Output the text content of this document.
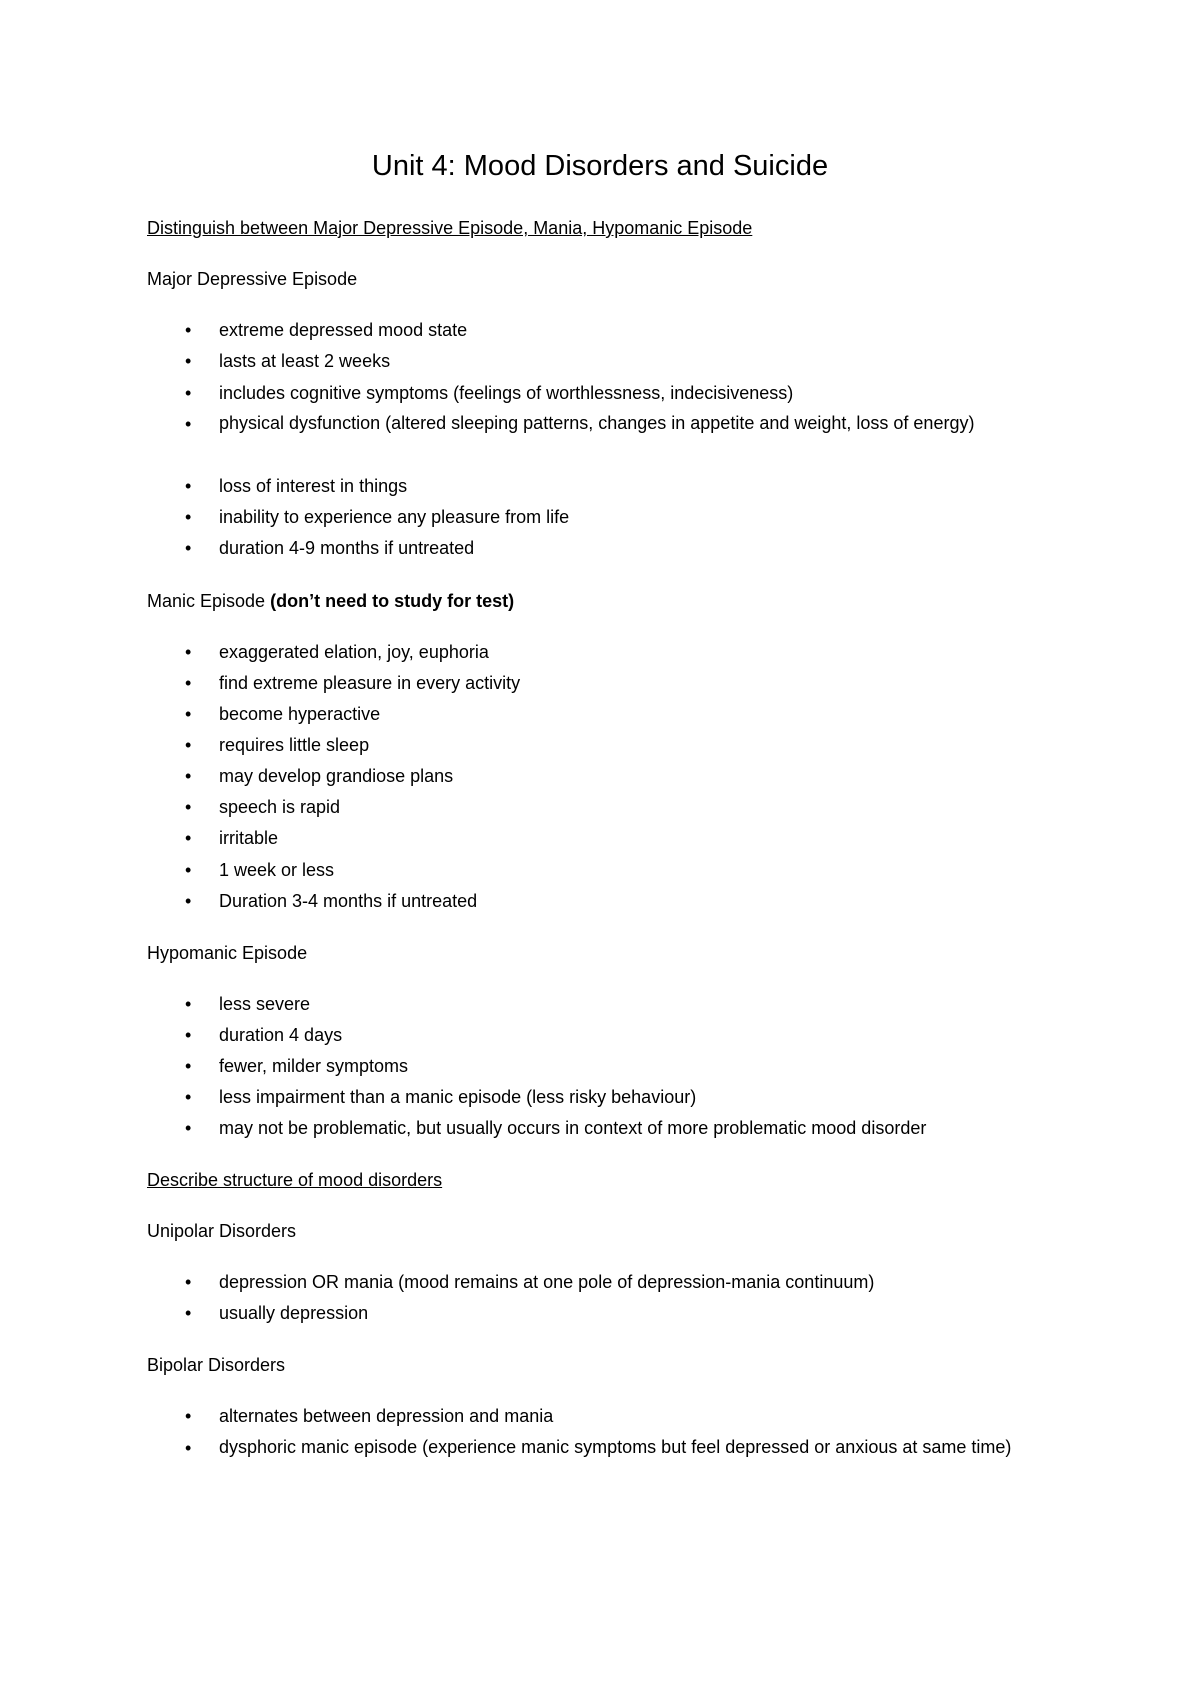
Unit 4: Mood Disorders and Suicide
Distinguish between Major Depressive Episode, Mania, Hypomanic Episode
Major Depressive Episode
• extreme depressed mood state
• lasts at least 2 weeks
• includes cognitive symptoms (feelings of worthlessness, indecisiveness)
• physical dysfunction (altered sleeping patterns, changes in appetite and weight, loss of energy)
• loss of interest in things
• inability to experience any pleasure from life
• duration 4-9 months if untreated
Manic Episode (don’t need to study for test)
• exaggerated elation, joy, euphoria
• find extreme pleasure in every activity
• become hyperactive
• requires little sleep
• may develop grandiose plans
• speech is rapid
• irritable
• 1 week or less
• Duration 3-4 months if untreated
Hypomanic Episode
• less severe
• duration 4 days
• fewer, milder symptoms
• less impairment than a manic episode (less risky behaviour)
• may not be problematic, but usually occurs in context of more problematic mood disorder
Describe structure of mood disorders
Unipolar Disorders
• depression OR mania (mood remains at one pole of depression-mania continuum)
• usually depression
Bipolar Disorders
• alternates between depression and mania
• dysphoric manic episode (experience manic symptoms but feel depressed or anxious at same time)
